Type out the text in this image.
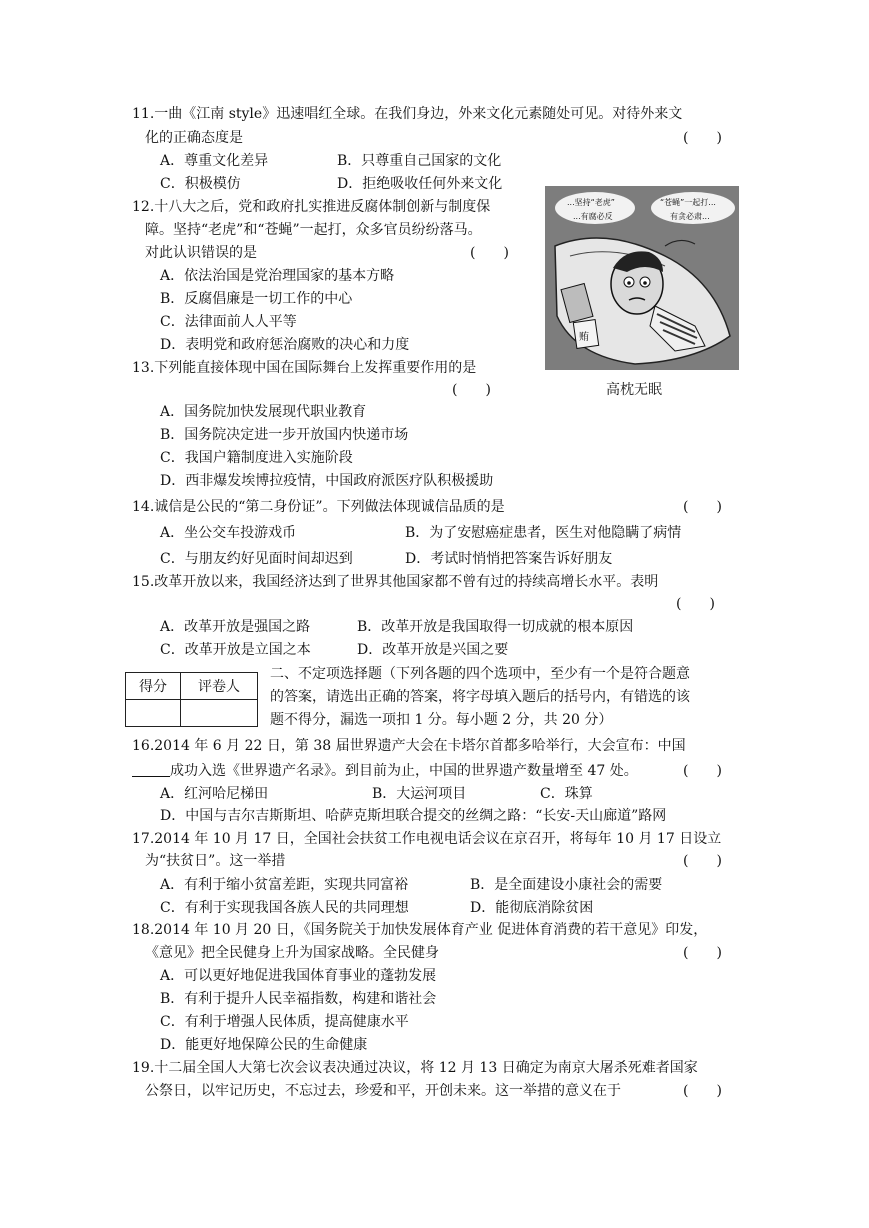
11.一曲《江南 style》迅速唱红全球。在我们身边，外来文化元素随处可见。对待外来文
化的正确态度是	(　　)
A．尊重文化差异	B．只尊重自己国家的文化
C．积极模仿	D．拒绝吸收任何外来文化
12.十八大之后，党和政府扎实推进反腐体制创新与制度保
障。坚持“老虎”和“苍蝇”一起打，众多官员纷纷落马。
对此认识错误的是	(　　)
A．依法治国是党治理国家的基本方略
B．反腐倡廉是一切工作的中心
C．法律面前人人平等
D．表明党和政府惩治腐败的决心和力度
...坚持“老虎”
...有腐必反
“苍蝇”一起打...
有贪必肃...
贿
高枕无眠
13.下列能直接体现中国在国际舞台上发挥重要作用的是
(　　)
A．国务院加快发展现代职业教育
B．国务院决定进一步开放国内快递市场
C．我国户籍制度进入实施阶段
D．西非爆发埃博拉疫情，中国政府派医疗队积极援助
14.诚信是公民的“第二身份证”。下列做法体现诚信品质的是	(　　)
A．坐公交车投游戏币	B．为了安慰癌症患者，医生对他隐瞒了病情
C．与朋友约好见面时间却迟到	D．考试时悄悄把答案告诉好朋友
15.改革开放以来，我国经济达到了世界其他国家都不曾有过的持续高增长水平。表明
(　　)
A．改革开放是强国之路	B．改革开放是我国取得一切成就的根本原因
C．改革开放是立国之本	D．改革开放是兴国之要
得分	评卷人

二、不定项选择题（下列各题的四个选项中，至少有一个是符合题意
的答案，请选出正确的答案，将字母填入题后的括号内，有错选的该
题不得分，漏选一项扣 1 分。每小题 2 分，共 20 分）
16.2014 年 6 月 22 日，第 38 届世界遗产大会在卡塔尔首都多哈举行，大会宣布：中国
成功入选《世界遗产名录》。到目前为止，中国的世界遗产数量增至 47 处。	(　　)
A．红河哈尼梯田	B．大运河项目	C．珠算
D．中国与吉尔吉斯斯坦、哈萨克斯坦联合提交的丝绸之路：“长安-天山廊道”路网
17.2014 年 10 月 17 日，全国社会扶贫工作电视电话会议在京召开，将每年 10 月 17 日设立
为“扶贫日”。这一举措	(　　)
A．有利于缩小贫富差距，实现共同富裕	B．是全面建设小康社会的需要
C．有利于实现我国各族人民的共同理想	D．能彻底消除贫困
18.2014 年 10 月 20 日，《国务院关于加快发展体育产业 促进体育消费的若干意见》印发，
《意见》把全民健身上升为国家战略。全民健身	(　　)
A．可以更好地促进我国体育事业的蓬勃发展
B．有利于提升人民幸福指数，构建和谐社会
C．有利于增强人民体质，提高健康水平
D．能更好地保障公民的生命健康
19.十二届全国人大第七次会议表决通过决议，将 12 月 13 日确定为南京大屠杀死难者国家
公祭日，以牢记历史，不忘过去，珍爱和平，开创未来。这一举措的意义在于	(　　)
